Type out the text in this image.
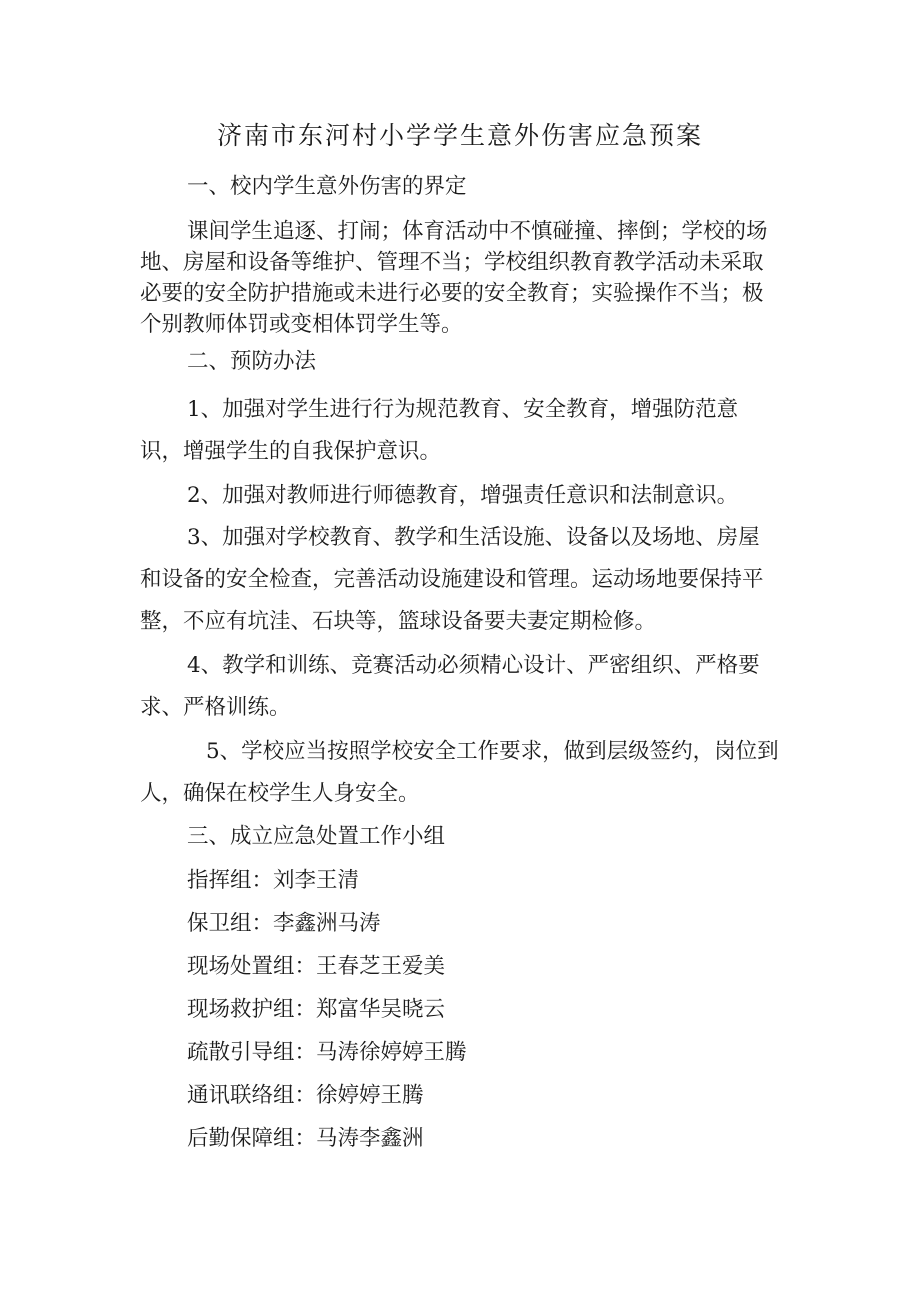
济南市东河村小学学生意外伤害应急预案
一、校内学生意外伤害的界定
课间学生追逐、打闹；体育活动中不慎碰撞、摔倒；学校的场地、房屋和设备等维护、管理不当；学校组织教育教学活动未采取必要的安全防护措施或未进行必要的安全教育；实验操作不当；极个别教师体罚或变相体罚学生等。
二、预防办法
1、加强对学生进行行为规范教育、安全教育，增强防范意识，增强学生的自我保护意识。
2、加强对教师进行师德教育，增强责任意识和法制意识。
3、加强对学校教育、教学和生活设施、设备以及场地、房屋和设备的安全检查，完善活动设施建设和管理。运动场地要保持平整，不应有坑洼、石块等，篮球设备要夫妻定期检修。
4、教学和训练、竞赛活动必须精心设计、严密组织、严格要求、严格训练。
5、学校应当按照学校安全工作要求，做到层级签约，岗位到人，确保在校学生人身安全。
三、成立应急处置工作小组
指挥组：刘李王清
保卫组：李鑫洲马涛
现场处置组：王春芝王爱美
现场救护组：郑富华吴晓云
疏散引导组：马涛徐婷婷王腾
通讯联络组：徐婷婷王腾
后勤保障组：马涛李鑫洲
